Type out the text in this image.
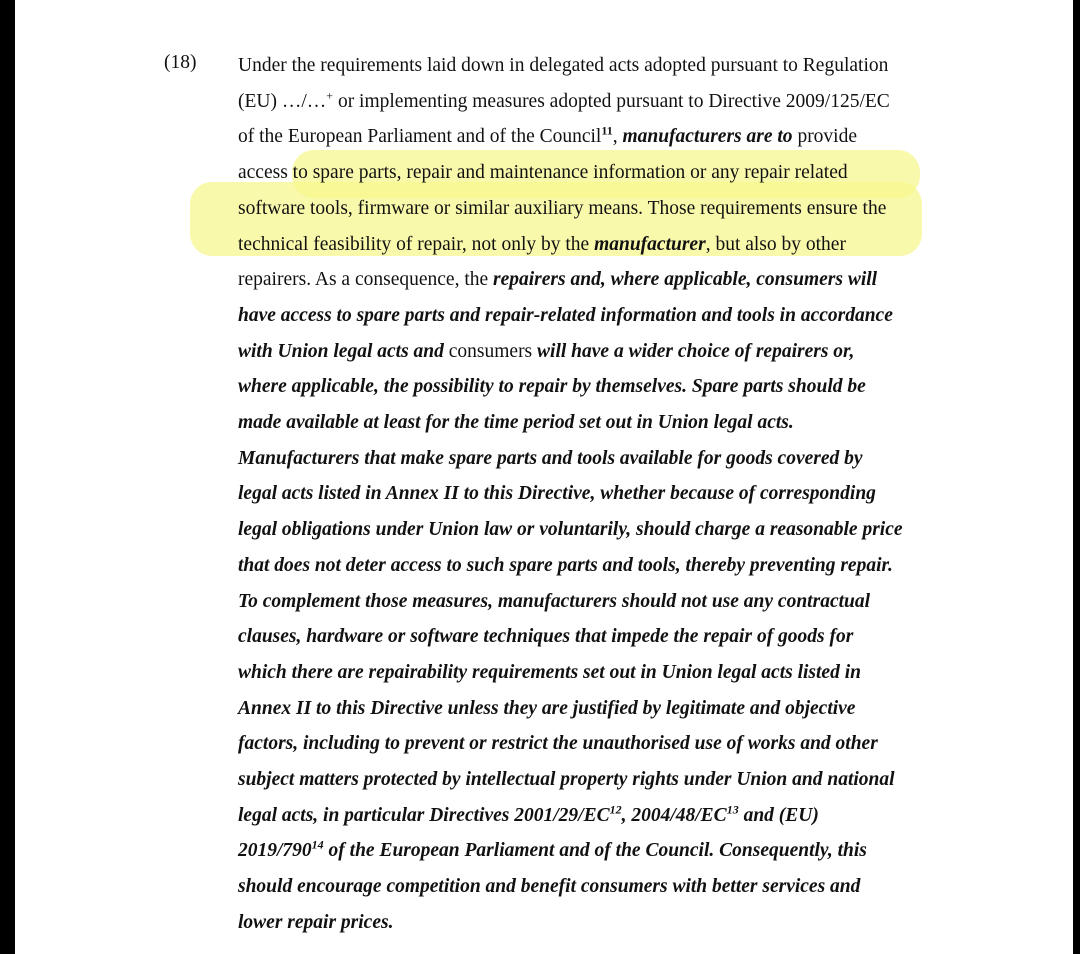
(18) Under the requirements laid down in delegated acts adopted pursuant to Regulation
(EU) …/…+ or implementing measures adopted pursuant to Directive 2009/125/EC
of the European Parliament and of the Council$^{11}$, manufacturers are to provide
access to spare parts, repair and maintenance information or any repair related
software tools, firmware or similar auxiliary means. Those requirements ensure the
technical feasibility of repair, not only by the manufacturer, but also by other
repairers. As a consequence, the repairers and, where applicable, consumers will
have access to spare parts and repair-related information and tools in accordance
with Union legal acts and consumers will have a wider choice of repairers or,
where applicable, the possibility to repair by themselves. Spare parts should be
made available at least for the time period set out in Union legal acts.
Manufacturers that make spare parts and tools available for goods covered by
legal acts listed in Annex II to this Directive, whether because of corresponding
legal obligations under Union law or voluntarily, should charge a reasonable price
that does not deter access to such spare parts and tools, thereby preventing repair.
To complement those measures, manufacturers should not use any contractual
clauses, hardware or software techniques that impede the repair of goods for
which there are repairability requirements set out in Union legal acts listed in
Annex II to this Directive unless they are justified by legitimate and objective
factors, including to prevent or restrict the unauthorised use of works and other
subject matters protected by intellectual property rights under Union and national
legal acts, in particular Directives 2001/29/EC$^{12}$, 2004/48/EC$^{13}$ and (EU)
$2019/790^{14}$ of the European Parliament and of the Council. Consequently, this
should encourage competition and benefit consumers with better services and
lower repair prices.
